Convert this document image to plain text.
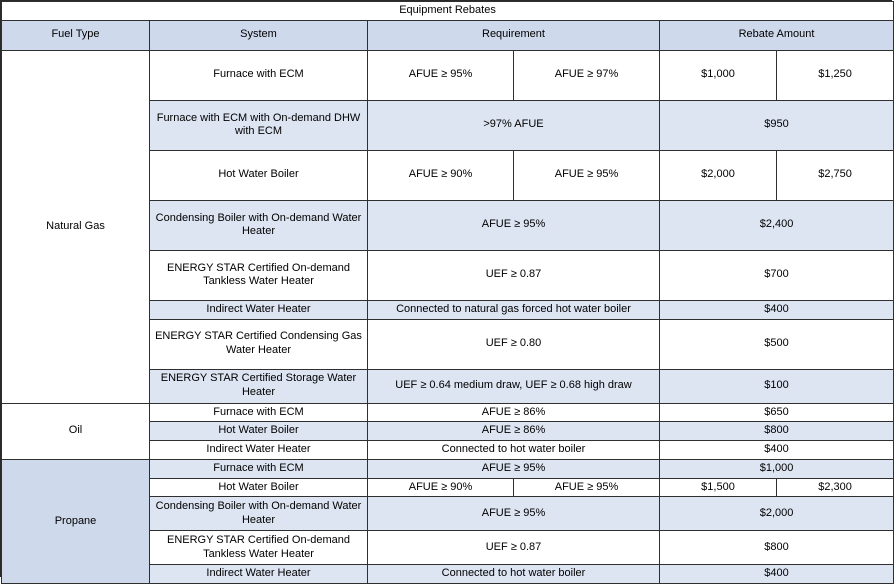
Equipment Rebates					
Fuel Type	System	Requirement		Rebate Amount	
Natural Gas	Furnace with ECM	AFUE ≥ 95%	AFUE ≥ 97%	$1,000	$1,250
	Furnace with ECM with On-demand DHW with ECM	>97% AFUE		$950	
	Hot Water Boiler	AFUE ≥ 90%	AFUE ≥ 95%	$2,000	$2,750
	Condensing Boiler with On-demand Water Heater	AFUE ≥ 95%		$2,400	
	ENERGY STAR Certified On-demand Tankless Water Heater	UEF ≥ 0.87		$700	
	Indirect Water Heater	Connected to natural gas forced hot water boiler		$400	
	ENERGY STAR Certified Condensing Gas Water Heater	UEF ≥ 0.80		$500	
	ENERGY STAR Certified Storage Water Heater	UEF ≥ 0.64 medium draw, UEF ≥ 0.68 high draw		$100	
Oil	Furnace with ECM	AFUE ≥ 86%		$650	
	Hot Water Boiler	AFUE ≥ 86%		$800	
	Indirect Water Heater	Connected to hot water boiler		$400	
Propane	Furnace with ECM	AFUE ≥ 95%		$1,000	
	Hot Water Boiler	AFUE ≥ 90%	AFUE ≥ 95%	$1,500	$2,300
	Condensing Boiler with On-demand Water Heater	AFUE ≥ 95%		$2,000	
	ENERGY STAR Certified On-demand Tankless Water Heater	UEF ≥ 0.87		$800	
	Indirect Water Heater	Connected to hot water boiler		$400	
